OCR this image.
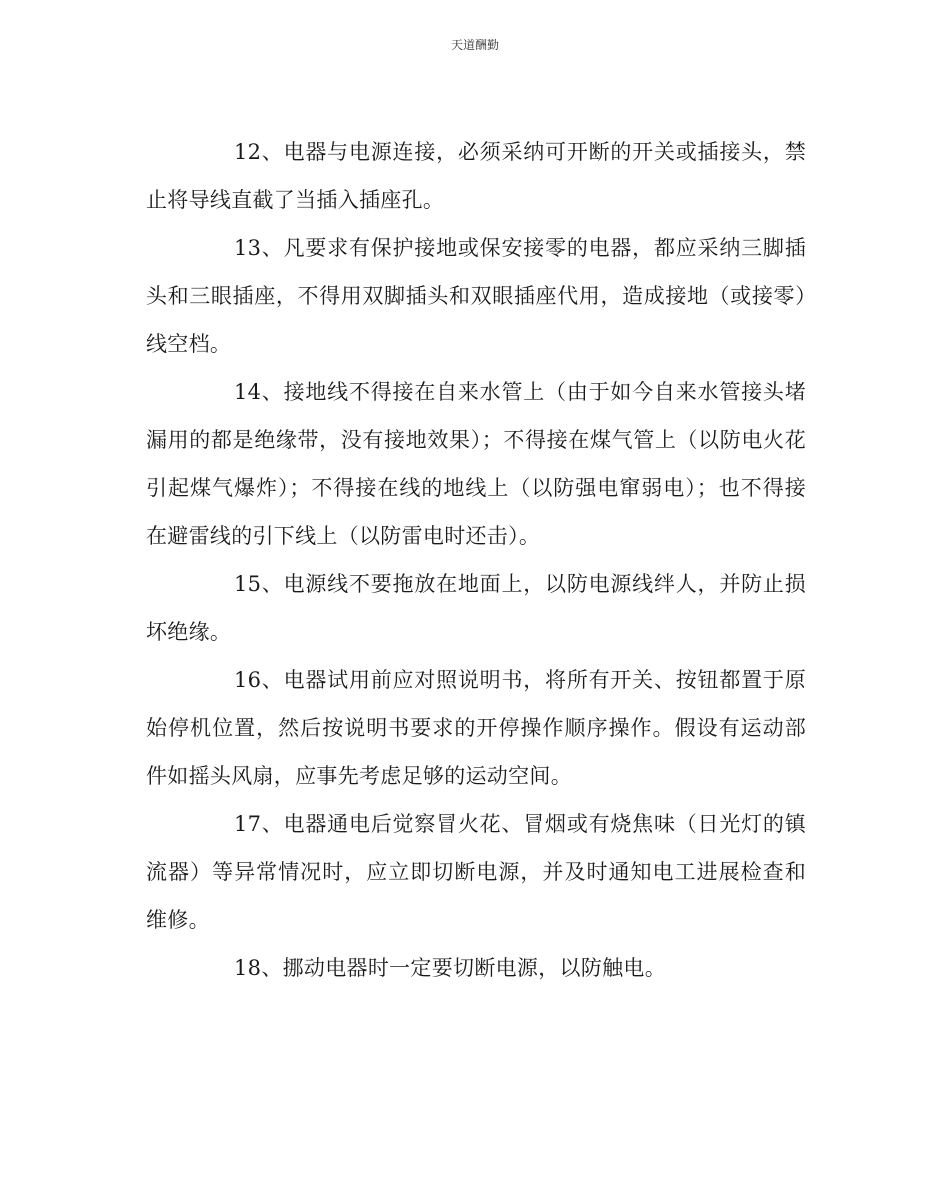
天道酬勤

12、电器与电源连接，必须采纳可开断的开关或插接头，禁止将导线直截了当插入插座孔。

13、凡要求有保护接地或保安接零的电器，都应采纳三脚插头和三眼插座，不得用双脚插头和双眼插座代用，造成接地（或接零）线空档。

14、接地线不得接在自来水管上（由于如今自来水管接头堵漏用的都是绝缘带，没有接地效果）；不得接在煤气管上（以防电火花引起煤气爆炸）；不得接在线的地线上（以防强电窜弱电）；也不得接在避雷线的引下线上（以防雷电时还击）。

15、电源线不要拖放在地面上，以防电源线绊人，并防止损坏绝缘。

16、电器试用前应对照说明书，将所有开关、按钮都置于原始停机位置，然后按说明书要求的开停操作顺序操作。假设有运动部件如摇头风扇，应事先考虑足够的运动空间。

17、电器通电后觉察冒火花、冒烟或有烧焦味（日光灯的镇流器）等异常情况时，应立即切断电源，并及时通知电工进展检查和维修。

18、挪动电器时一定要切断电源，以防触电。
